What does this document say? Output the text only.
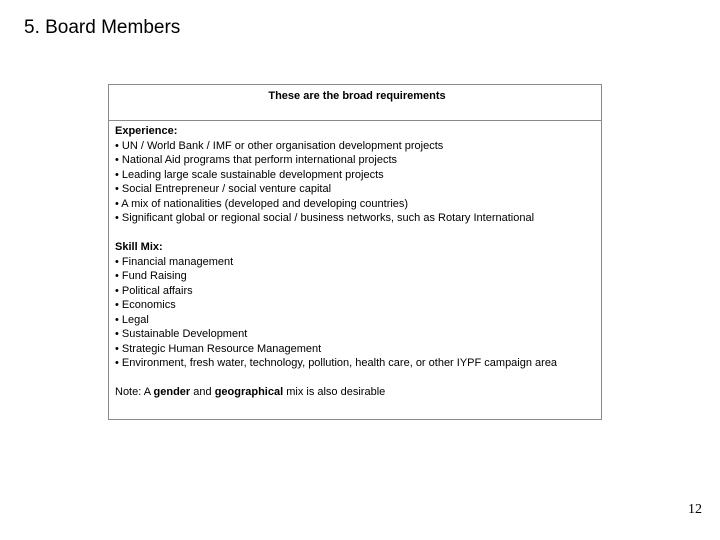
5. Board Members
These are the broad requirements
Experience:
• UN / World Bank / IMF or other organisation development projects
• National Aid programs that perform international projects
• Leading large scale sustainable development projects
• Social Entrepreneur / social venture capital
• A mix of nationalities (developed and developing countries)
• Significant global or regional social / business networks, such as Rotary International
Skill Mix:
• Financial management
• Fund Raising
• Political affairs
• Economics
• Legal
• Sustainable Development
• Strategic Human Resource Management
• Environment, fresh water, technology, pollution, health care, or other IYPF campaign area
Note: A gender and geographical mix is also desirable
12
